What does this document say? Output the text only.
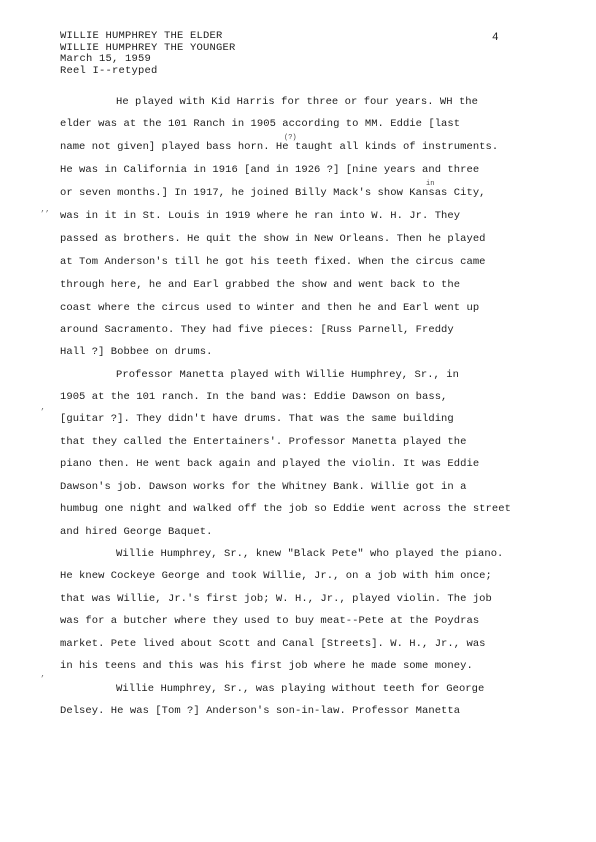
WILLIE HUMPHREY THE ELDER
WILLIE HUMPHREY THE YOUNGER
March 15, 1959
Reel I--retyped
4
He played with Kid Harris for three or four years. WH the
elder was at the 101 Ranch in 1905 according to MM. Eddie [last
name not given] played bass horn. He taught all kinds of instruments.
He was in California in 1916 [and in 1926 ?] [nine years and three
or seven months.] In 1917, he joined Billy Mack's show Kansas City,
was in it in St. Louis in 1919 where he ran into W. H. Jr. They
passed as brothers. He quit the show in New Orleans. Then he played
at Tom Anderson's till he got his teeth fixed. When the circus came
through here, he and Earl grabbed the show and went back to the
coast where the circus used to winter and then he and Earl went up
around Sacramento. They had five pieces: [Russ Parnell, Freddy
Hall ?] Bobbee on drums.
Professor Manetta played with Willie Humphrey, Sr., in
1905 at the 101 ranch. In the band was: Eddie Dawson on bass,
[guitar ?]. They didn't have drums. That was the same building
that they called the Entertainers'. Professor Manetta played the
piano then. He went back again and played the violin. It was Eddie
Dawson's job. Dawson works for the Whitney Bank. Willie got in a
humbug one night and walked off the job so Eddie went across the street
and hired George Baquet.
Willie Humphrey, Sr., knew "Black Pete" who played the piano.
He knew Cockeye George and took Willie, Jr., on a job with him once;
that was Willie, Jr.'s first job; W. H., Jr., played violin. The job
was for a butcher where they used to buy meat--Pete at the Poydras
market. Pete lived about Scott and Canal [Streets]. W. H., Jr., was
in his teens and this was his first job where he made some money.
Willie Humphrey, Sr., was playing without teeth for George
Delsey. He was [Tom ?] Anderson's son-in-law. Professor Manetta
(?)
in
’’
’
’
